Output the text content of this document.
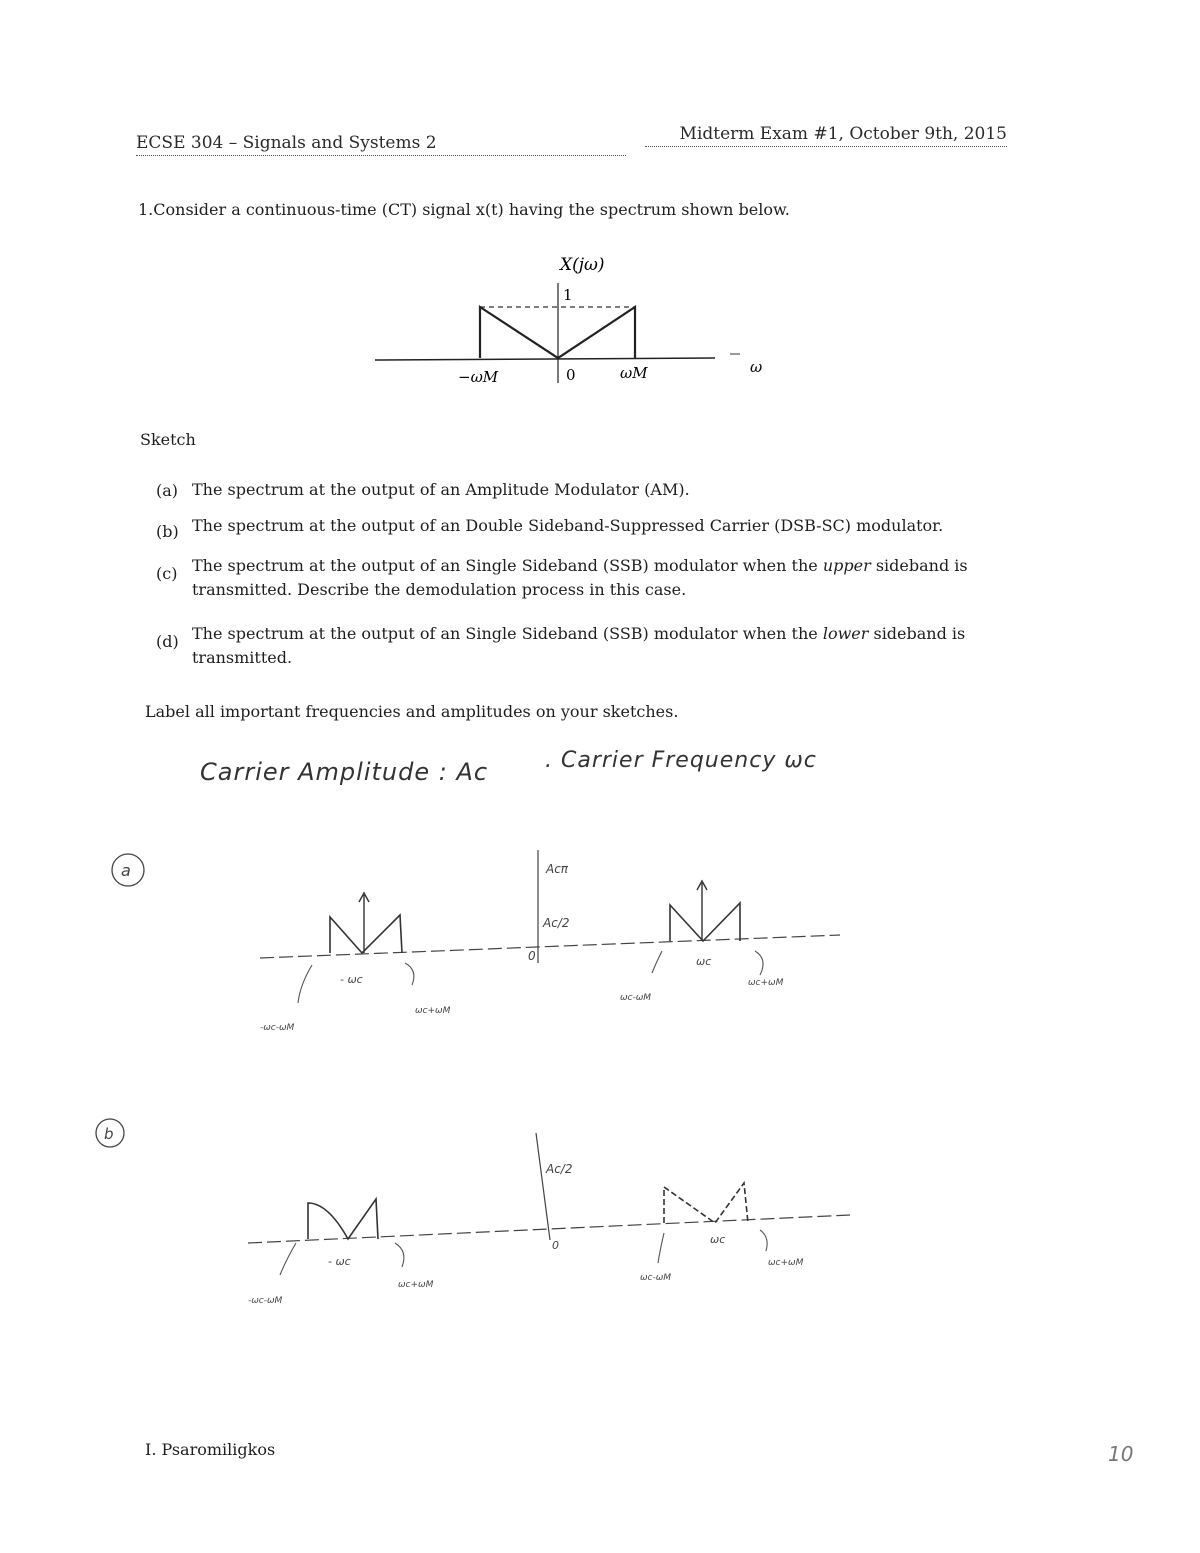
ECSE 304 – Signals and Systems 2	Midterm Exam #1, October 9th, 2015
1.Consider a continuous-time (CT) signal x(t) having the spectrum shown below.
X(jω)
1
−ωM	0	ωM	ω
Sketch
(a) The spectrum at the output of an Amplitude Modulator (AM).
(b) The spectrum at the output of an Double Sideband-Suppressed Carrier (DSB-SC) modulator.
(c) The spectrum at the output of an Single Sideband (SSB) modulator when the upper sideband is transmitted. Describe the demodulation process in this case.
(d) The spectrum at the output of an Single Sideband (SSB) modulator when the lower sideband is transmitted.
Label all important frequencies and amplitudes on your sketches.
Carrier Amplitude : Ac	. Carrier Frequency ωc
a	Acπ
Ac/2
0
- ωc
-ωc-ωM
ωc+ωM
ωc
ωc-ωM
ωc+ωM
b
Ac/2
0
- ωc
-ωc-ωM
ωc+ωM
ωc
ωc-ωM
ωc+ωM
I. Psaromiligkos	10
